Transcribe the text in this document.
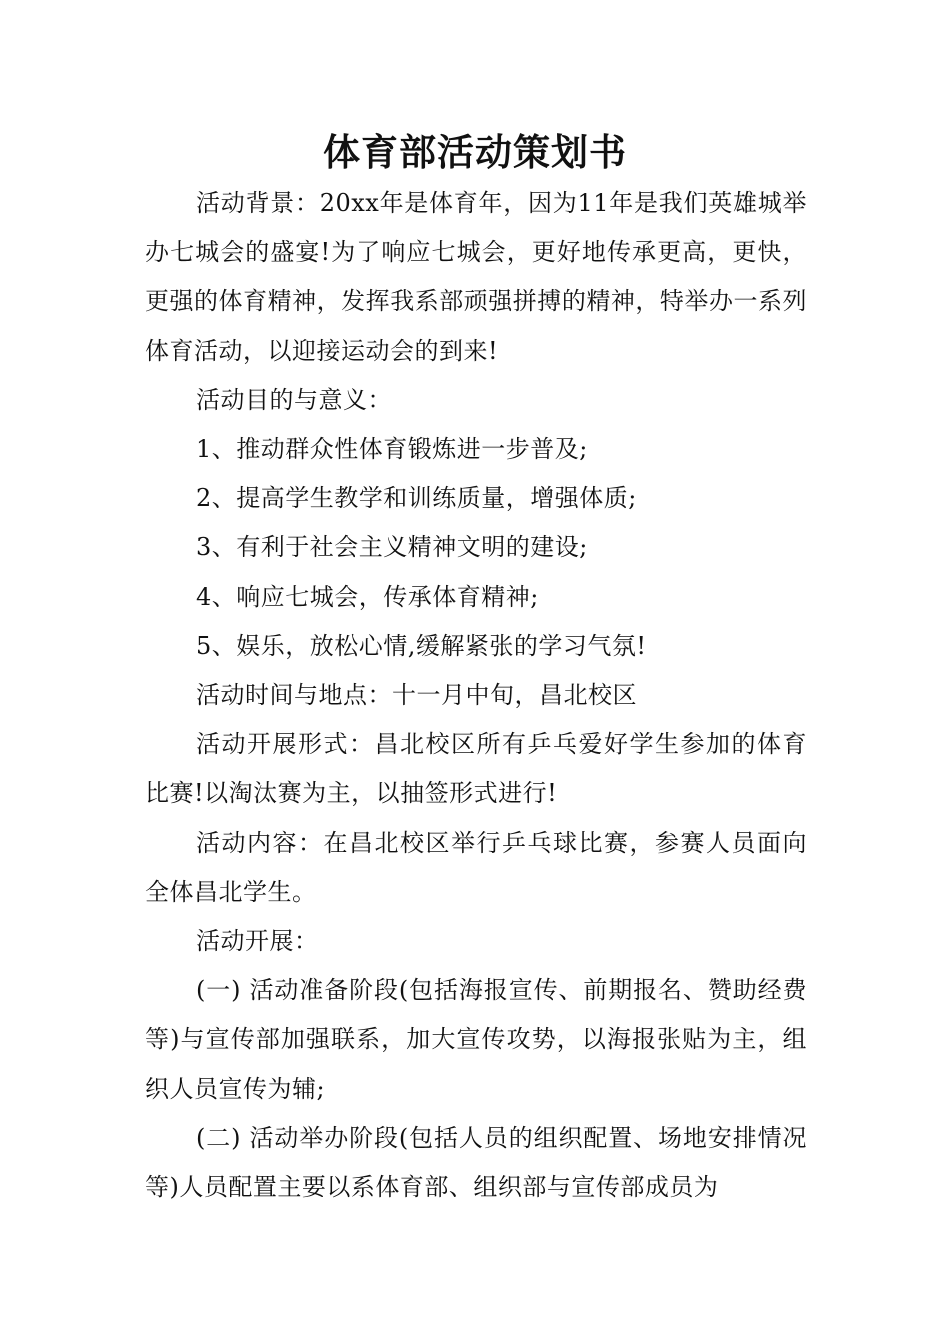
体育部活动策划书

活动背景：20xx年是体育年，因为11年是我们英雄城举办七城会的盛宴!为了响应七城会，更好地传承更高，更快，更强的体育精神，发挥我系部顽强拼搏的精神，特举办一系列体育活动，以迎接运动会的到来!

活动目的与意义：

1、推动群众性体育锻炼进一步普及;

2、提高学生教学和训练质量，增强体质;

3、有利于社会主义精神文明的建设;

4、响应七城会，传承体育精神;

5、娱乐，放松心情,缓解紧张的学习气氛!

活动时间与地点：十一月中旬，昌北校区

活动开展形式：昌北校区所有乒乓爱好学生参加的体育比赛!以淘汰赛为主，以抽签形式进行!

活动内容：在昌北校区举行乒乓球比赛，参赛人员面向全体昌北学生。

活动开展：

(一) 活动准备阶段(包括海报宣传、前期报名、赞助经费等)与宣传部加强联系，加大宣传攻势，以海报张贴为主，组织人员宣传为辅;

(二) 活动举办阶段(包括人员的组织配置、场地安排情况等)人员配置主要以系体育部、组织部与宣传部成员为
